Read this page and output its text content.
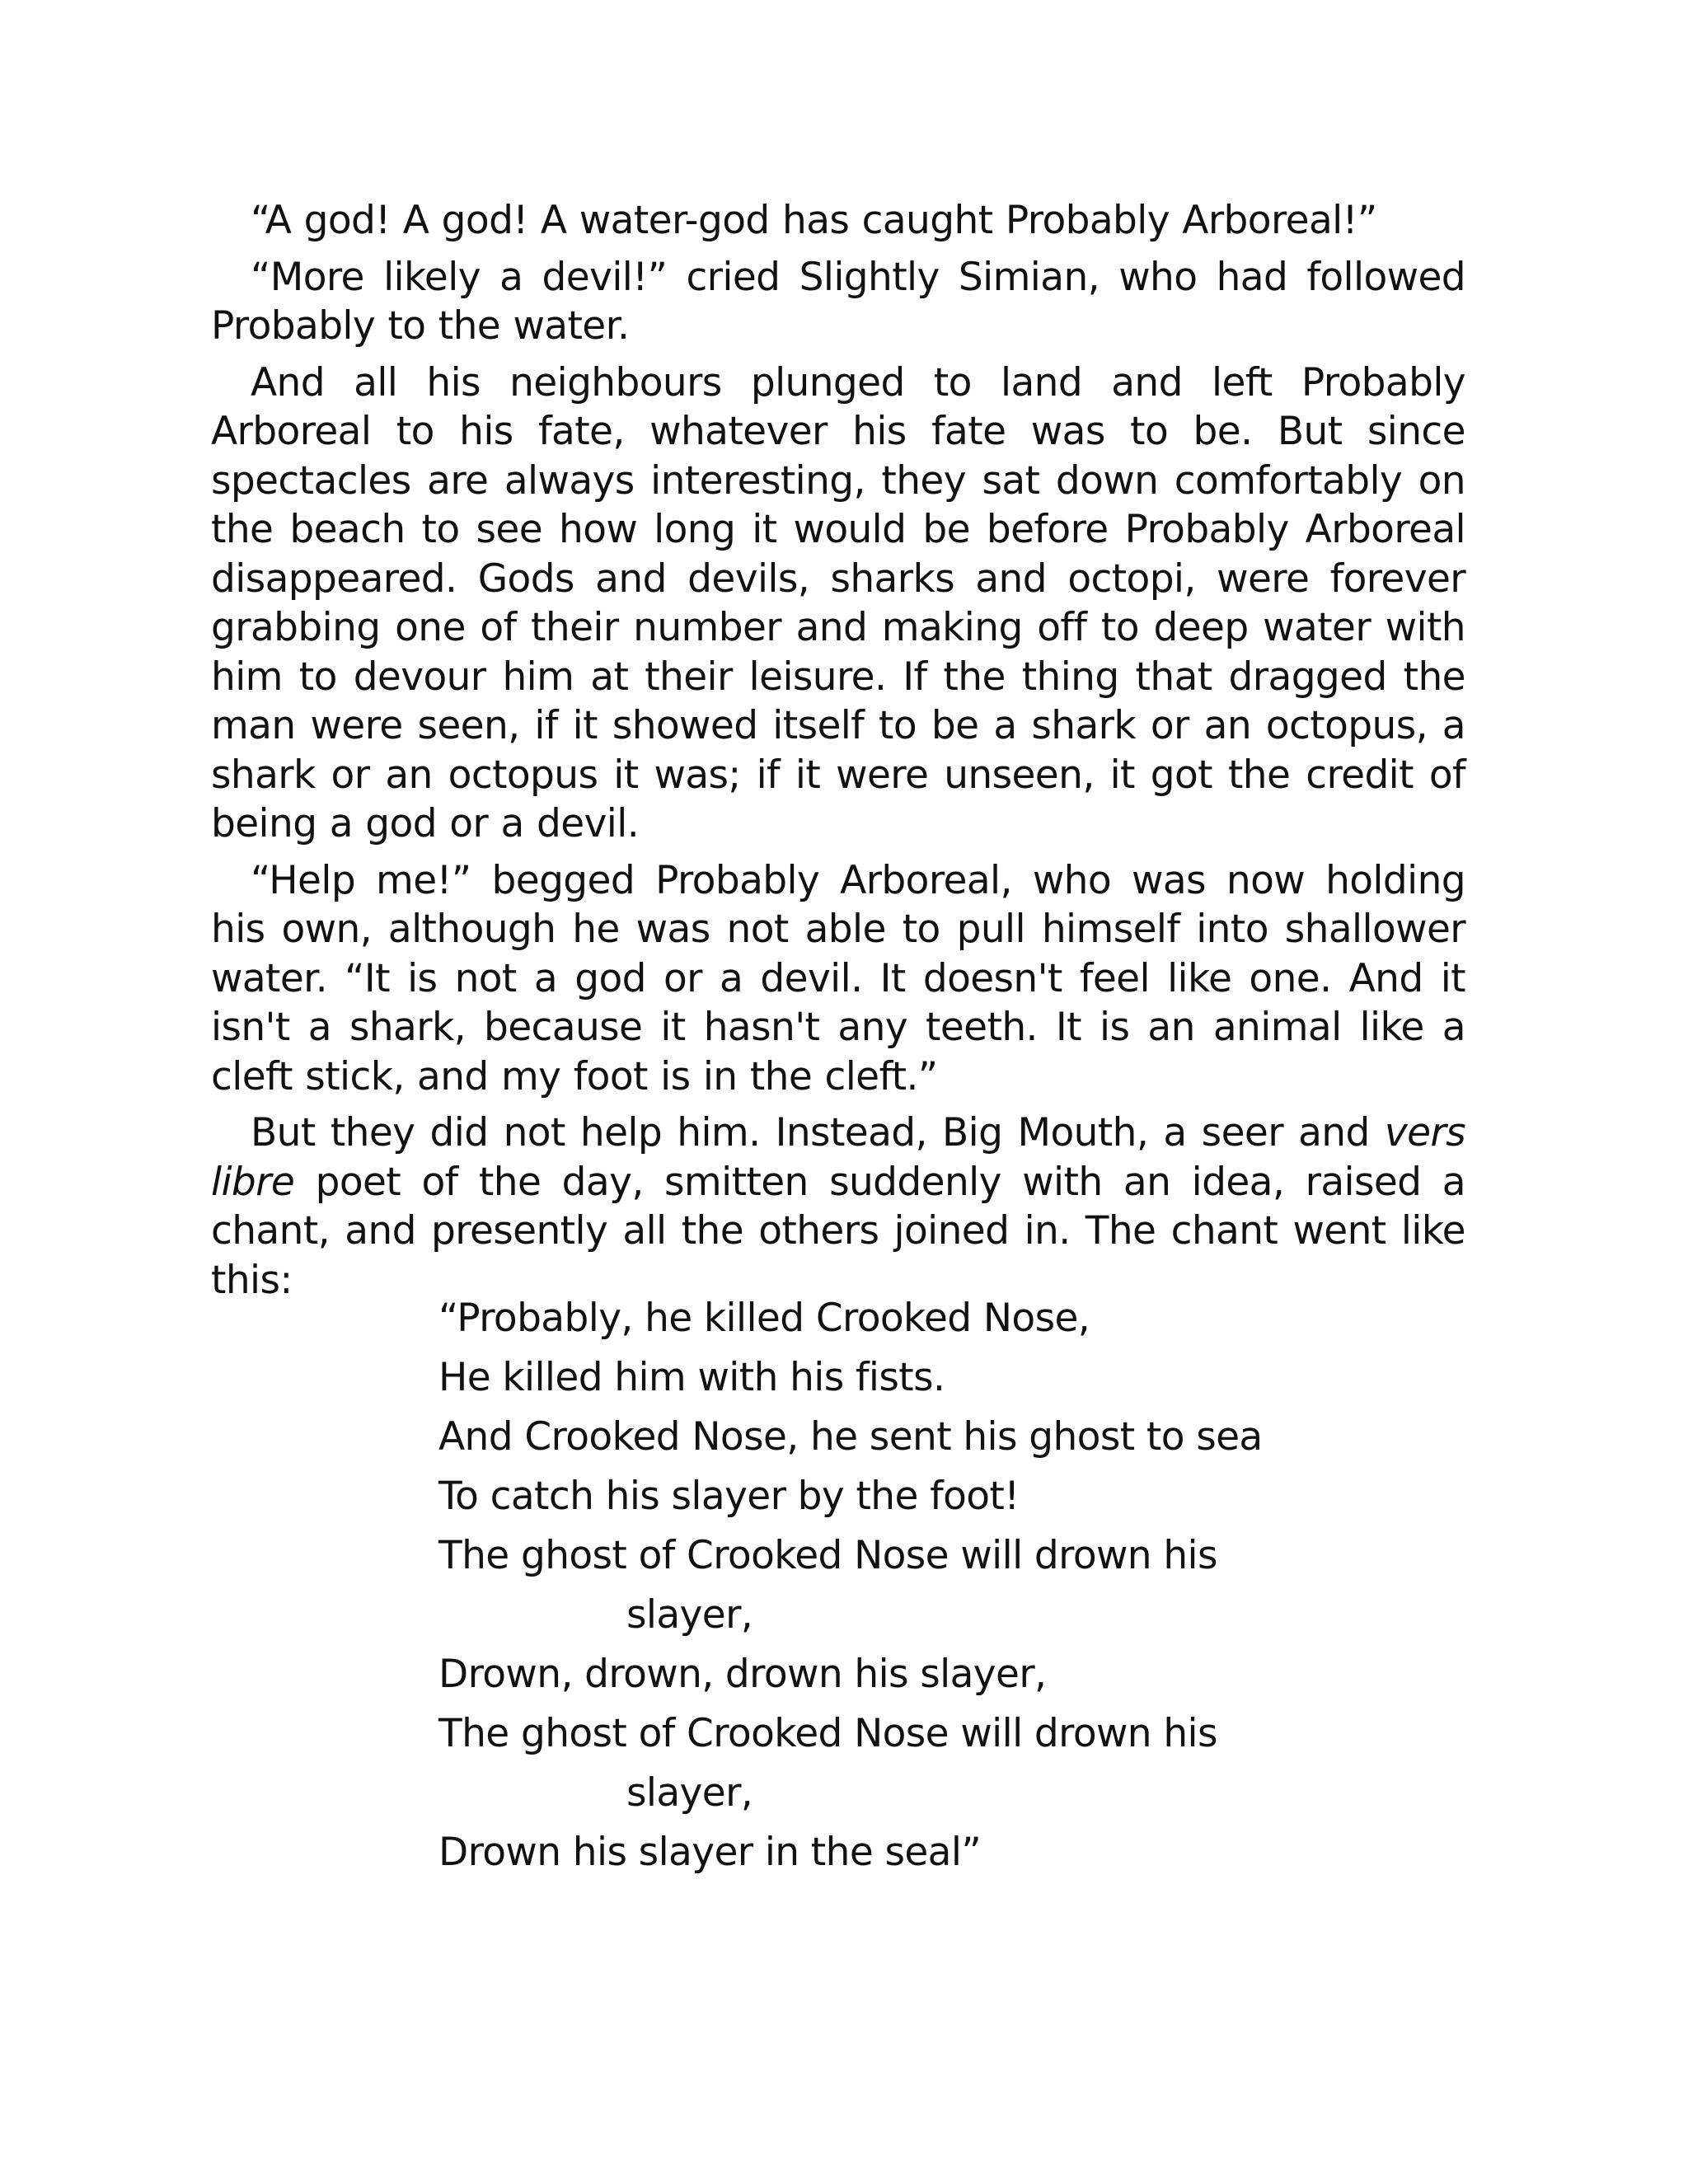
“A god! A god! A water-god has caught Probably Arboreal!”

“More likely a devil!” cried Slightly Simian, who had followed Probably to the water.

And all his neighbours plunged to land and left Probably Arboreal to his fate, whatever his fate was to be. But since spectacles are always interesting, they sat down comfortably on the beach to see how long it would be before Probably Arboreal disappeared. Gods and devils, sharks and octopi, were forever grabbing one of their number and making off to deep water with him to devour him at their leisure. If the thing that dragged the man were seen, if it showed itself to be a shark or an octopus, a shark or an octopus it was; if it were unseen, it got the credit of being a god or a devil.

“Help me!” begged Probably Arboreal, who was now holding his own, although he was not able to pull himself into shallower water. “It is not a god or a devil. It doesn't feel like one. And it isn't a shark, because it hasn't any teeth. It is an animal like a cleft stick, and my foot is in the cleft.”

But they did not help him. Instead, Big Mouth, a seer and vers libre poet of the day, smitten suddenly with an idea, raised a chant, and presently all the others joined in. The chant went like this:

“Probably, he killed Crooked Nose,
He killed him with his fists.
And Crooked Nose, he sent his ghost to sea
To catch his slayer by the foot!
The ghost of Crooked Nose will drown his
slayer,
Drown, drown, drown his slayer,
The ghost of Crooked Nose will drown his
slayer,
Drown his slayer in the seal”
